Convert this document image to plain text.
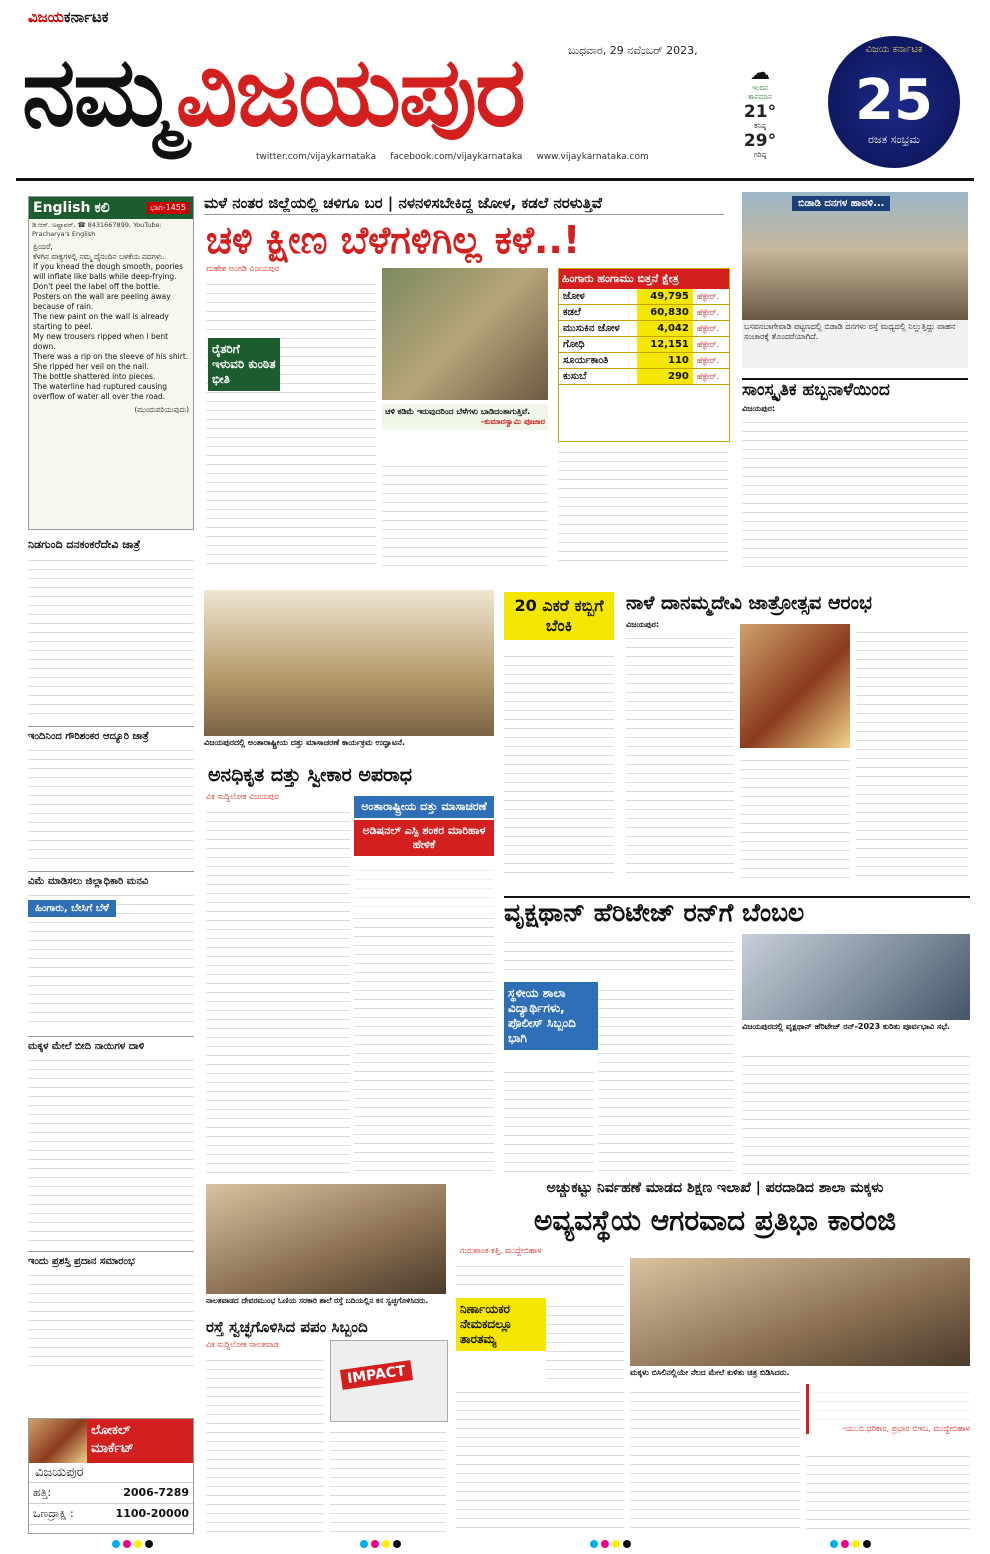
ವಿಜಯಕರ್ನಾಟಕ
ನಮ್ಮವಿಜಯಪುರ	ಬುಧವಾರ, 29 ನವೆಂಬರ್ 2023,
twitter.com/vijaykarnataka facebook.com/vijaykarnataka www.vijaykarnataka.com
☁
ಇಂದಿನ ತಾಪಮಾನ
21°
ಕನಿಷ್ಠ
29°
ಗರಿಷ್ಠ
ವಿಜಯ ಕರ್ನಾಟಕ
25
ರಜತ ಸಂಭ್ರಮ
English ಕಲಿ	ಭಾಗ-1455
ಡಿ.ಆರ್. ಅಷ್ಟಾವರ್, ☎ 8431667899, YouTube: Pracharya's English
ಪ್ರಿಯರೆ,
ಕೆಳಗಿನ ವಾಕ್ಯಗಳಲ್ಲಿ ನಮ್ಮ ದೈನಂದಿನ ಬಳಕೆಯ ಪದಗಳು.
If you knead the dough smooth, poories will inflate like balls while deep-frying.
Don't peel the label off the bottle.
Posters on the wall are peeling away because of rain.
The new paint on the wall is already starting to peel.
My new trousers ripped when I bent down.
There was a rip on the sleeve of his shirt.
She ripped her veil on the nail.
The bottle shattered into pieces.
The waterline had ruptured causing overflow of water all over the road.
(ಮುಂದುವರಿಯುವುದು)
ನಿಡಗುಂದಿ ದನಕಂಕರೆದೇವಿ ಜಾತ್ರೆ
ಇಂದಿನಿಂದ ಗೌರಿಶಂಕರ ಆದ್ಯೂರಿ ಜಾತ್ರೆ
ವಿಮೆ ಮಾಡಿಸಲು ಜಿಲ್ಲಾಧಿಕಾರಿ ಮನವಿ
ಹಿಂಗಾರು, ಬೇಸಿಗೆ ಬೆಳೆ
ಮಕ್ಕಳ ಮೇಲೆ ಬೀದಿ ನಾಯಿಗಳ ದಾಳಿ
ಇಂದು ಪ್ರಶಸ್ತಿ ಪ್ರದಾನ ಸಮಾರಂಭ
ಲೋಕಲ್
ಮಾರ್ಕೆಟ್
ವಿಜಯಪುರ
ಹತ್ತಿ:	2006-7289
ಒಣದ್ರಾಕ್ಷಿ :	1100-20000
ಮಳೆ ನಂತರ ಜಿಲ್ಲೆಯಲ್ಲಿ ಚಳಿಗೂ ಬರ | ನಳನಳಿಸಬೇಕಿದ್ದ ಜೋಳ, ಕಡಲೆ ನರಳುತ್ತಿವೆ
ಚಳಿ ಕ್ಷೀಣ ಬೆಳೆಗಳಿಗಿಲ್ಲ ಕಳೆ..!
ಮಹೇಶ ಅಂಗಡಿ ವಿಜಯಪುರ
ರೈತರಿಗೆ ಇಳುವರಿ ಕುಂಠಿತ ಭೀತಿ
ಚಳಿ ಕಡಿಮೆ ಇರುವುದರಿಂದ ಬೆಳೆಗಳು ಬಾಡಿದಂತಾಗುತ್ತಿವೆ.
-ಕುಮಾರಸ್ವಾಮಿ ಪೂಜಾರ
ಹಿಂಗಾರು ಹಂಗಾಮು ಬಿತ್ತನೆ ಕ್ಷೇತ್ರ
ಜೋಳ	49,795	ಹೆಕ್ಟೇರ್.
ಕಡಲೆ	60,830	ಹೆಕ್ಟೇರ್.
ಮುಸುಕಿನ ಜೋಳ	4,042	ಹೆಕ್ಟೇರ್.
ಗೋಧಿ	12,151	ಹೆಕ್ಟೇರ್.
ಸೂರ್ಯಕಾಂತಿ	110	ಹೆಕ್ಟೇರ್.
ಕುಸುಬೆ	290	ಹೆಕ್ಟೇರ್.
ಬಿಡಾಡಿ ದನಗಳ ಹಾವಳಿ...
ಬಸವನಬಾಗೇವಾಡಿ ಪಟ್ಟಣದಲ್ಲಿ ಬಿಡಾಡಿ ದನಗಳು ರಸ್ತೆ ಮಧ್ಯದಲ್ಲಿ ನಿಲ್ಲುತ್ತಿದ್ದು ವಾಹನ ಸಂಚಾರಕ್ಕೆ ತೊಂದರೆಯಾಗಿದೆ.
ಸಾಂಸ್ಕೃತಿಕ ಹಬ್ಬನಾಳೆಯಿಂದ
ವಿಜಯಪುರ:
ವಿಜಯಪುರದಲ್ಲಿ ಅಂತಾರಾಷ್ಟ್ರೀಯ ದತ್ತು ಮಾಸಾಚರಣೆ ಕಾರ್ಯಕ್ರಮ ಉದ್ಘಾಟನೆ.
ಅನಧಿಕೃತ ದತ್ತು ಸ್ವೀಕಾರ ಅಪರಾಧ
ವಿಕ ಸುದ್ದಿಲೋಕ ವಿಜಯಪುರ
ಅಂತಾರಾಷ್ಟ್ರೀಯ ದತ್ತು ಮಾಸಾಚರಣೆ
ಅಡಿಷನಲ್ ಎಸ್ಪಿ ಶಂಕರ ಮಾರಿಹಾಳ ಹೇಳಿಕೆ
20 ಎಕರೆ ಕಬ್ಬಿಗೆ ಬೆಂಕಿ
ನಾಳೆ ದಾನಮ್ಮದೇವಿ ಜಾತ್ರೋತ್ಸವ ಆರಂಭ
ವಿಜಯಪುರ:
ವೃಕ್ಷಥಾನ್ ಹೆರಿಟೇಜ್ ರನ್‌ಗೆ ಬೆಂಬಲ
ಸ್ಥಳೀಯ ಶಾಲಾ ವಿದ್ಯಾರ್ಥಿಗಳು, ಪೊಲೀಸ್ ಸಿಬ್ಬಂದಿ ಭಾಗಿ
ವಿಜಯಪುರದಲ್ಲಿ ವೃಕ್ಷಥಾನ್ ಹೆರಿಟೇಜ್ ರನ್-2023 ಕುರಿತು ಪೂರ್ವಭಾವಿ ಸಭೆ.
ನಾಲತವಾಡದ ದೇವರಮುಂಭ ಓಣಿಯ ಸರಕಾರಿ ಶಾಲೆ ರಸ್ತೆ ಬದಿಯಲ್ಲಿನ ಕಸ ಸ್ವಚ್ಛಗೊಳಿಸಿದರು.
ರಸ್ತೆ ಸ್ವಚ್ಛಗೊಳಿಸಿದ ಪಪಂ ಸಿಬ್ಬಂದಿ
ವಿಕ ಸುದ್ದಿಲೋಕ ನಾಲತವಾಡ
IMPACT
ಅಚ್ಚುಕಟ್ಟು ನಿರ್ವಹಣೆ ಮಾಡದ ಶಿಕ್ಷಣ ಇಲಾಖೆ | ಪರದಾಡಿದ ಶಾಲಾ ಮಕ್ಕಳು
ಅವ್ಯವಸ್ಥೆಯ ಆಗರವಾದ ಪ್ರತಿಭಾ ಕಾರಂಜಿ
ಗುರುಶಾಂತ ಕತ್ತಿ, ಮುದ್ದೇಬಿಹಾಳ
ನಿರ್ಣಾಯಕರ ನೇಮಕದಲ್ಲೂ ತಾರತಮ್ಯ
ಮಕ್ಕಳು ಬಿಸಿಲಿನಲ್ಲಿಯೇ ನೆಲದ ಮೇಲೆ ಕುಳಿತು ಚಿತ್ರ ಬಿಡಿಸಿದರು.
-ಯು.ಬಿ.ಧರಿಕಾರ, ಪ್ರಭಾರ ಬಿಇಒ, ಮುದ್ದೇಬಿಹಾಳ
